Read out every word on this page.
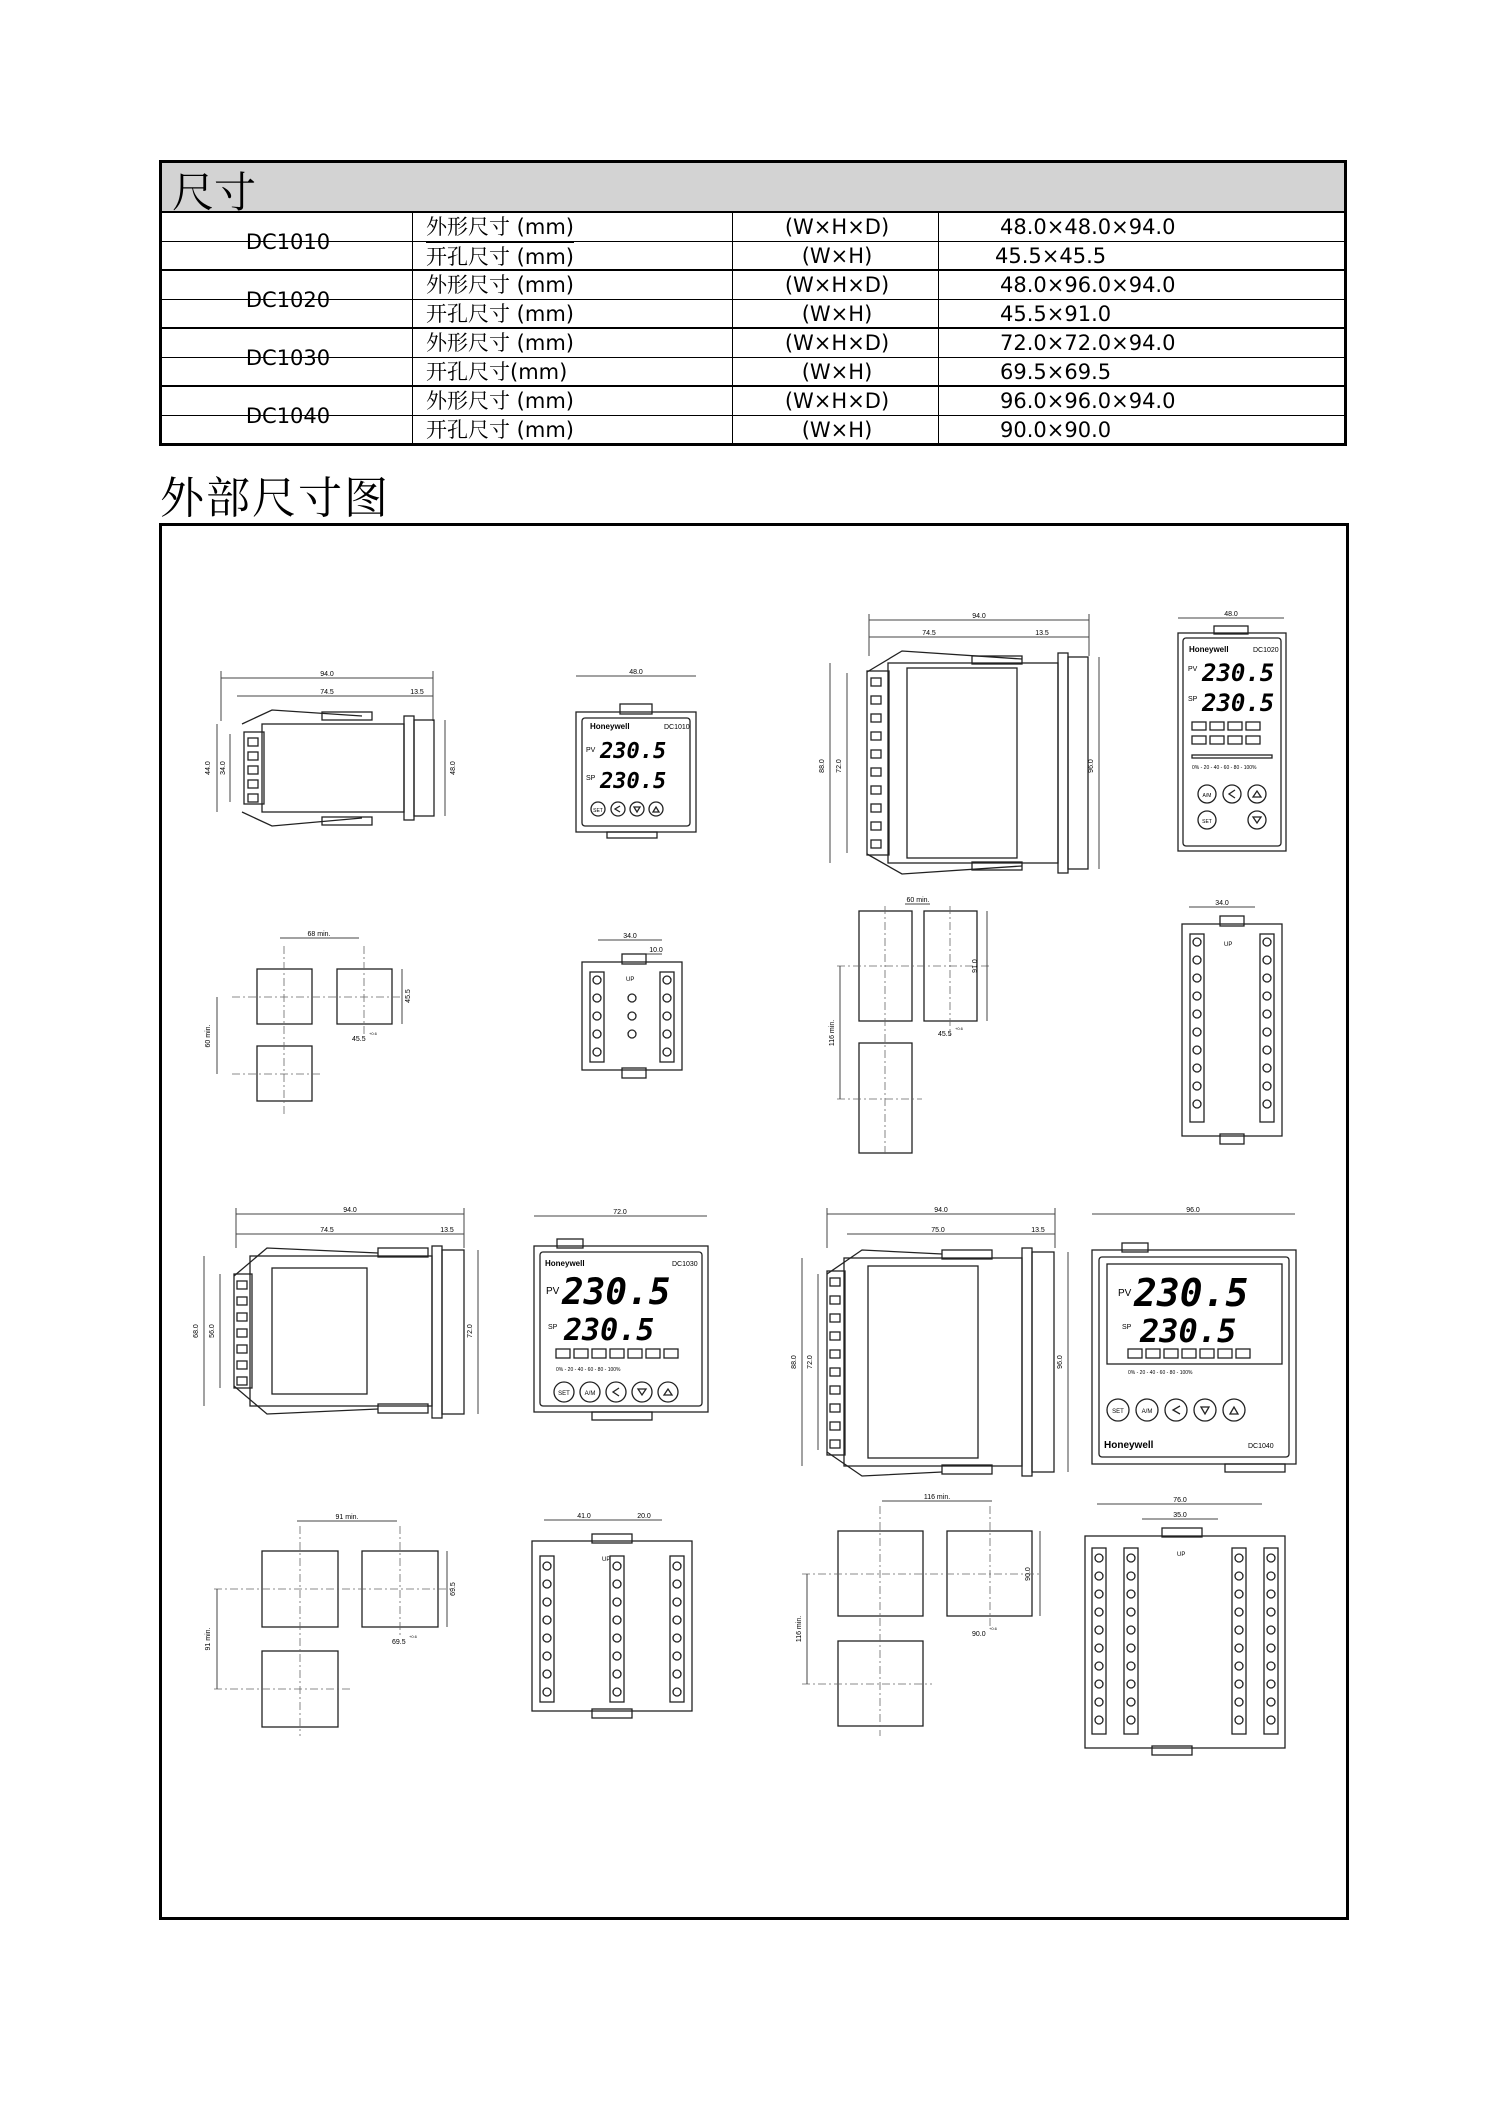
尺寸
DC1010
外形尺寸 (mm)	(W×H×D)	48.0×48.0×94.0
开孔尺寸 (mm)	(W×H)	45.5×45.5
DC1020
外形尺寸 (mm)	(W×H×D)	48.0×96.0×94.0
开孔尺寸 (mm)	(W×H)	45.5×91.0
DC1030
外形尺寸 (mm)	(W×H×D)	72.0×72.0×94.0
开孔尺寸(mm)	(W×H)	69.5×69.5
DC1040
外形尺寸 (mm)	(W×H×D)	96.0×96.0×94.0
开孔尺寸 (mm)	(W×H)	90.0×90.0
外部尺寸图
94.0
74.5	13.5
44.0 34.0	48.0
48.0
Honeywell	DC1010
PV 230.5
SP 230.5
SET
94.0
74.5	13.5
88.0 72.0	96.0
48.0
Honeywell	DC1020
PV 230.5
SP 230.5
0% - 20 - 40 - 60 - 80 - 100%
A/M
SET
68 min.
60 min.
45.5
45.5
+0.6
34.0
10.0
UP
60 min.
116 min.
91.0
45.5
+0.6
34.0
UP
94.0
74.5	13.5
68.0 56.0	72.0
72.0
Honeywell	DC1030
PV 230.5
SP 230.5
0% - 20 - 40 - 60 - 80 - 100%
SET A/M
94.0
75.0	13.5
88.0 72.0	96.0
96.0
PV 230.5
SP 230.5
0% - 20 - 40 - 60 - 80 - 100%
SET	A/M
Honeywell	DC1040
91 min.
91 min.
69.5
69.5
+0.6
41.0	20.0
UP
116 min.
116 min.
90.0
90.0
+0.6
76.0
35.0
UP
